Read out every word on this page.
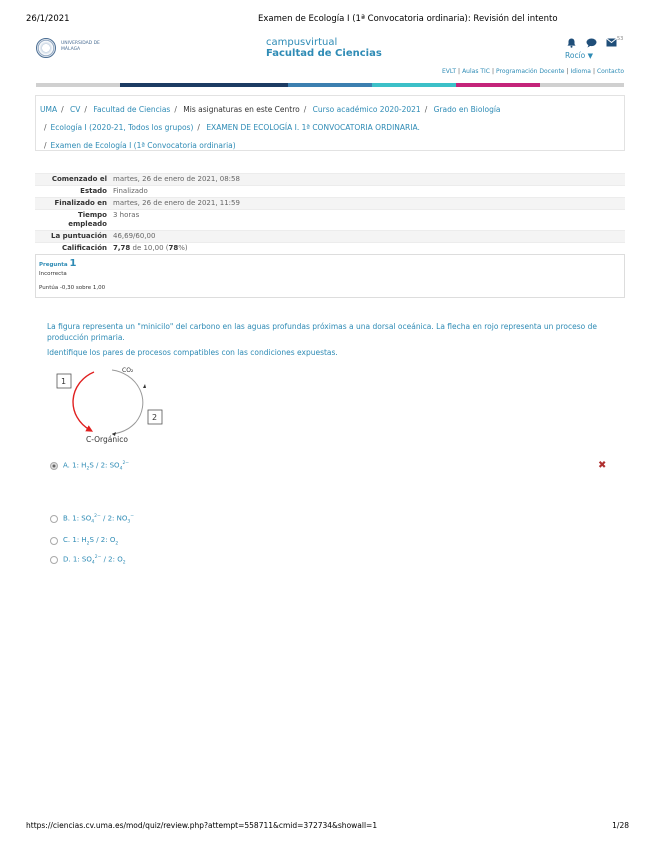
26/1/2021	Examen de Ecología I (1ª Convocatoria ordinaria): Revisión del intento
UNIVERSIDAD DE MÁLAGA
campusvirtual
Facultad de Ciencias
53
Rocío ▼
EVLT | Aulas TIC | Programación Docente | Idioma | Contacto
UMA / CV / Facultad de Ciencias / Mis asignaturas en este Centro / Curso académico 2020-2021 / Grado en Biología
/ Ecología I (2020-21, Todos los grupos) / EXAMEN DE ECOLOGÍA I. 1ª CONVOCATORIA ORDINARIA.
/ Examen de Ecología I (1ª Convocatoria ordinaria)
Comenzado el	martes, 26 de enero de 2021, 08:58
Estado	Finalizado
Finalizado en	martes, 26 de enero de 2021, 11:59
Tiempo empleado	3 horas
La puntuación	46,69/60,00
Calificación	7,78 de 10,00 (78%)
Pregunta 1
Incorrecta
Puntúa -0,30 sobre 1,00

La figura representa un "minicilo" del carbono en las aguas profundas próximas a una dorsal oceánica. La flecha en rojo representa un proceso de producción primaria.

Identifique los pares de procesos compatibles con las condiciones expuestas.

CO₂
C-Orgánico
1
2
A. 1: $H_2S / 2$: $SO_4^{2-}$	✖
B. 1: $SO_4^{2-} / 2$: $NO_3^-$
C. 1: $H_2S / 2$: $O_2$
D. 1: $SO_4^{2-} / 2$: $O_2$
https://ciencias.cv.uma.es/mod/quiz/review.php?attempt=558711&cmid=372734&showall=1	1/28
